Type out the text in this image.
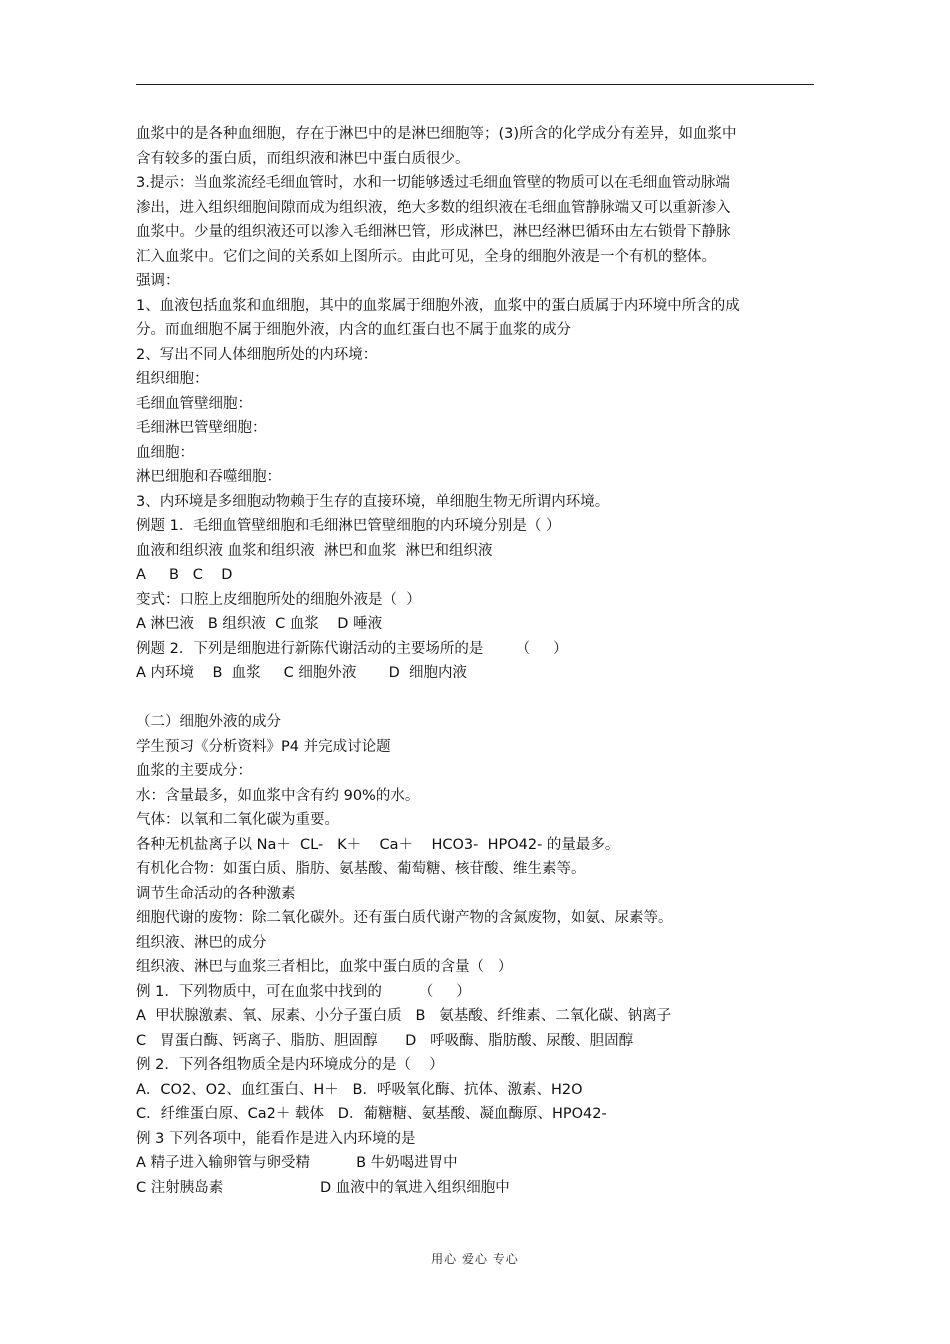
血浆中的是各种血细胞，存在于淋巴中的是淋巴细胞等；(3)所含的化学成分有差异，如血浆中
含有较多的蛋白质，而组织液和淋巴中蛋白质很少。
3.提示：当血浆流经毛细血管时，水和一切能够透过毛细血管壁的物质可以在毛细血管动脉端
渗出，进入组织细胞间隙而成为组织液，绝大多数的组织液在毛细血管静脉端又可以重新渗入
血浆中。少量的组织液还可以渗入毛细淋巴管，形成淋巴，淋巴经淋巴循环由左右锁骨下静脉
汇入血浆中。它们之间的关系如上图所示。由此可见，全身的细胞外液是一个有机的整体。
强调：
1、血液包括血浆和血细胞，其中的血浆属于细胞外液，血浆中的蛋白质属于内环境中所含的成
分。而血细胞不属于细胞外液，内含的血红蛋白也不属于血浆的成分
2、写出不同人体细胞所处的内环境：
组织细胞：
毛细血管壁细胞：
毛细淋巴管壁细胞：
血细胞：
淋巴细胞和吞噬细胞：
3、内环境是多细胞动物赖于生存的直接环境，单细胞生物无所谓内环境。
例题 1．毛细血管壁细胞和毛细淋巴管壁细胞的内环境分别是（ ）
血液和组织液 血浆和组织液  淋巴和血浆  淋巴和组织液
A     B   C    D
变式：口腔上皮细胞所处的细胞外液是（  ）
A 淋巴液   B 组织液  C 血浆    D 唾液
例题 2．下列是细胞进行新陈代谢活动的主要场所的是       （     ）
A 内环境    B  血浆     C 细胞外液       D  细胞内液
（二）细胞外液的成分
学生预习《分析资料》P4 并完成讨论题
血浆的主要成分：
水：含量最多，如血浆中含有约 90%的水。
气体：以氧和二氧化碳为重要。
各种无机盐离子以 Na＋  CL-   K＋    Ca＋    HCO3-  HPO42- 的量最多。
有机化合物：如蛋白质、脂肪、氨基酸、葡萄糖、核苷酸、维生素等。
调节生命活动的各种激素
细胞代谢的废物：除二氧化碳外。还有蛋白质代谢产物的含氮废物，如氨、尿素等。
组织液、淋巴的成分
组织液、淋巴与血浆三者相比，血浆中蛋白质的含量（   ）
例 1．下列物质中，可在血浆中找到的        （     ）
A  甲状腺激素、氧、尿素、小分子蛋白质   B   氨基酸、纤维素、二氧化碳、钠离子
C   胃蛋白酶、钙离子、脂肪、胆固醇      D   呼吸酶、脂肪酸、尿酸、胆固醇
例 2．下列各组物质全是内环境成分的是（    ）
A．CO2、O2、血红蛋白、H＋   B．呼吸氧化酶、抗体、激素、H2O
C．纤维蛋白原、Ca2＋ 载体   D．葡糖糖、氨基酸、凝血酶原、HPO42-
例 3 下列各项中，能看作是进入内环境的是
A 精子进入输卵管与卵受精          B 牛奶喝进胃中
C 注射胰岛素                     D 血液中的氧进入组织细胞中
用心 爱心 专心
